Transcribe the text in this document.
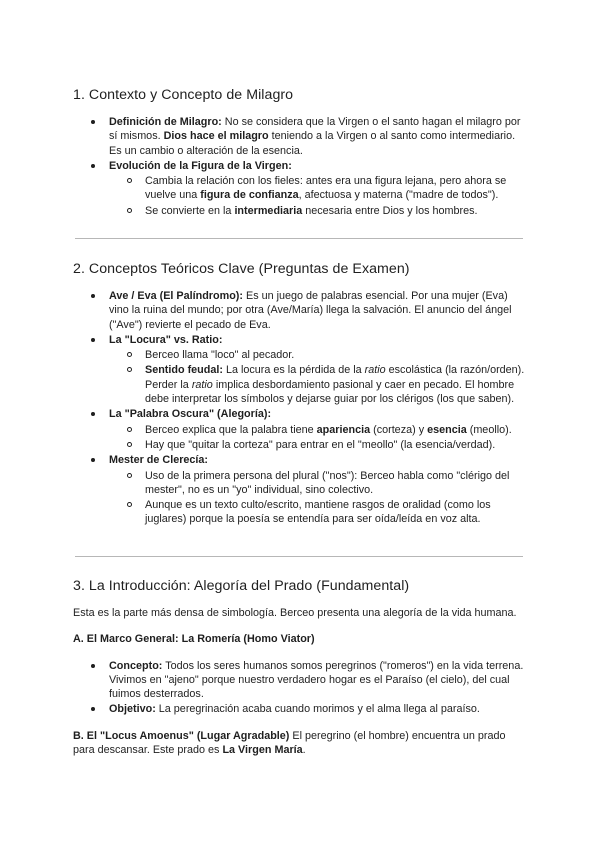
1. Contexto y Concepto de Milagro
Definición de Milagro: No se considera que la Virgen o el santo hagan el milagro por sí mismos. Dios hace el milagro teniendo a la Virgen o al santo como intermediario. Es un cambio o alteración de la esencia.
Evolución de la Figura de la Virgen:
Cambia la relación con los fieles: antes era una figura lejana, pero ahora se vuelve una figura de confianza, afectuosa y materna ("madre de todos").
Se convierte en la intermediaria necesaria entre Dios y los hombres.
2. Conceptos Teóricos Clave (Preguntas de Examen)
Ave / Eva (El Palíndromo): Es un juego de palabras esencial. Por una mujer (Eva) vino la ruina del mundo; por otra (Ave/María) llega la salvación. El anuncio del ángel ("Ave") revierte el pecado de Eva.
La "Locura" vs. Ratio:
Berceo llama "loco" al pecador.
Sentido feudal: La locura es la pérdida de la ratio escolástica (la razón/orden). Perder la ratio implica desbordamiento pasional y caer en pecado. El hombre debe interpretar los símbolos y dejarse guiar por los clérigos (los que saben).
La "Palabra Oscura" (Alegoría):
Berceo explica que la palabra tiene apariencia (corteza) y esencia (meollo).
Hay que "quitar la corteza" para entrar en el "meollo" (la esencia/verdad).
Mester de Clerecía:
Uso de la primera persona del plural ("nos"): Berceo habla como "clérigo del mester", no es un "yo" individual, sino colectivo.
Aunque es un texto culto/escrito, mantiene rasgos de oralidad (como los juglares) porque la poesía se entendía para ser oída/leída en voz alta.
3. La Introducción: Alegoría del Prado (Fundamental)

Esta es la parte más densa de simbología. Berceo presenta una alegoría de la vida humana.

A. El Marco General: La Romería (Homo Viator)

Concepto: Todos los seres humanos somos peregrinos ("romeros") en la vida terrena. Vivimos en "ajeno" porque nuestro verdadero hogar es el Paraíso (el cielo), del cual fuimos desterrados.
Objetivo: La peregrinación acaba cuando morimos y el alma llega al paraíso.

B. El "Locus Amoenus" (Lugar Agradable) El peregrino (el hombre) encuentra un prado para descansar. Este prado es La Virgen María.
